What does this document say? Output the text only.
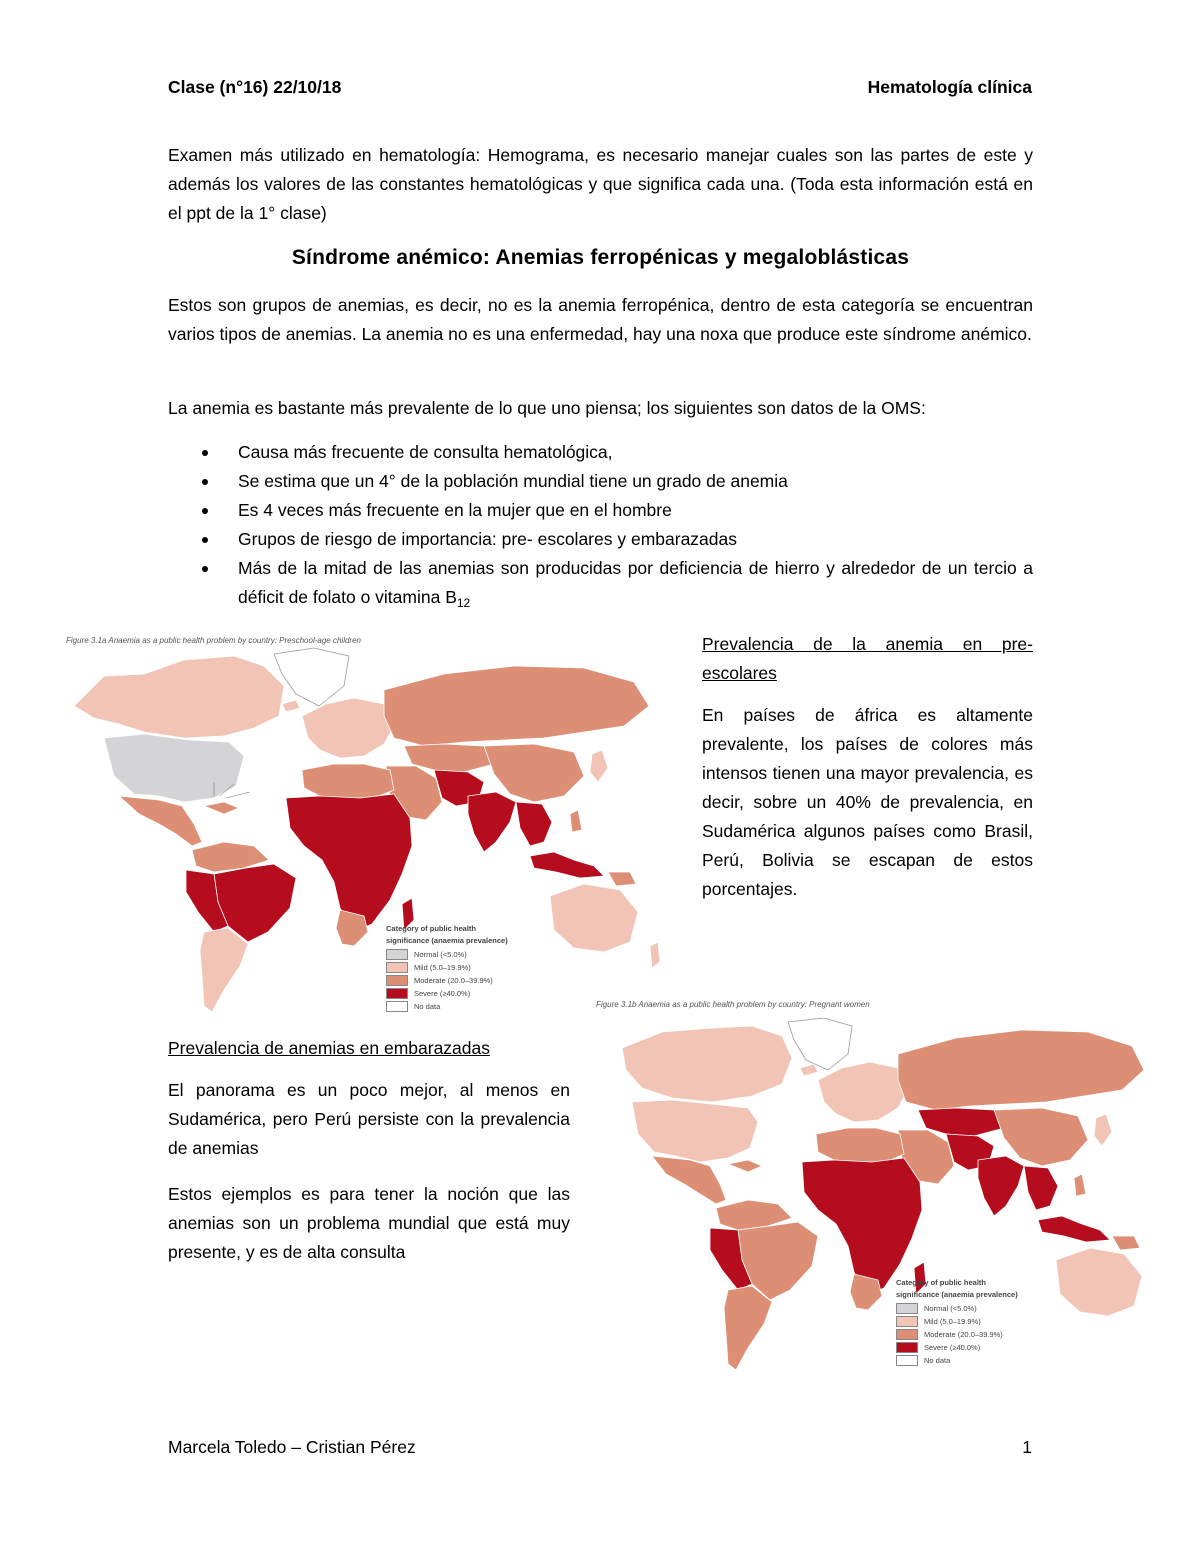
Clase (n°16) 22/10/18	Hematología clínica

Examen más utilizado en hematología: Hemograma, es necesario manejar cuales son las partes de este y además los valores de las constantes hematológicas y que significa cada una. (Toda esta información está en el ppt de la 1° clase)

Síndrome anémico: Anemias ferropénicas y megaloblásticas

Estos son grupos de anemias, es decir, no es la anemia ferropénica, dentro de esta categoría se encuentran varios tipos de anemias. La anemia no es una enfermedad, hay una noxa que produce este síndrome anémico.

La anemia es bastante más prevalente de lo que uno piensa; los siguientes son datos de la OMS:

Causa más frecuente de consulta hematológica,
Se estima que un 4° de la población mundial tiene un grado de anemia
Es 4 veces más frecuente en la mujer que en el hombre
Grupos de riesgo de importancia: pre- escolares y embarazadas
Más de la mitad de las anemias son producidas por deficiencia de hierro y alrededor de un tercio a déficit de folato o vitamina $B_{12}$
Figure 3.1a Anaemia as a public health problem by country: Preschool-age children
Category of public health
significance (anaemia prevalence)
Normal (<5.0%)
Mild (5.0–19.9%)
Moderate (20.0–39.9%)
Severe (≥40.0%)
No data
Prevalencia de la anemia en pre-escolares

En países de áfrica es altamente prevalente, los países de colores más intensos tienen una mayor prevalencia, es decir, sobre un 40% de prevalencia, en Sudamérica algunos países como Brasil, Perú, Bolivia se escapan de estos porcentajes.

Prevalencia de anemias en embarazadas

El panorama es un poco mejor, al menos en Sudamérica, pero Perú persiste con la prevalencia de anemias

Estos ejemplos es para tener la noción que las anemias son un problema mundial que está muy presente, y es de alta consulta

Figure 3.1b Anaemia as a public health problem by country: Pregnant women
Category of public health
significance (anaemia prevalence)
Normal (<5.0%)
Mild (5.0–19.9%)
Moderate (20.0–39.9%)
Severe (≥40.0%)
No data
Marcela Toledo – Cristian Pérez	1
